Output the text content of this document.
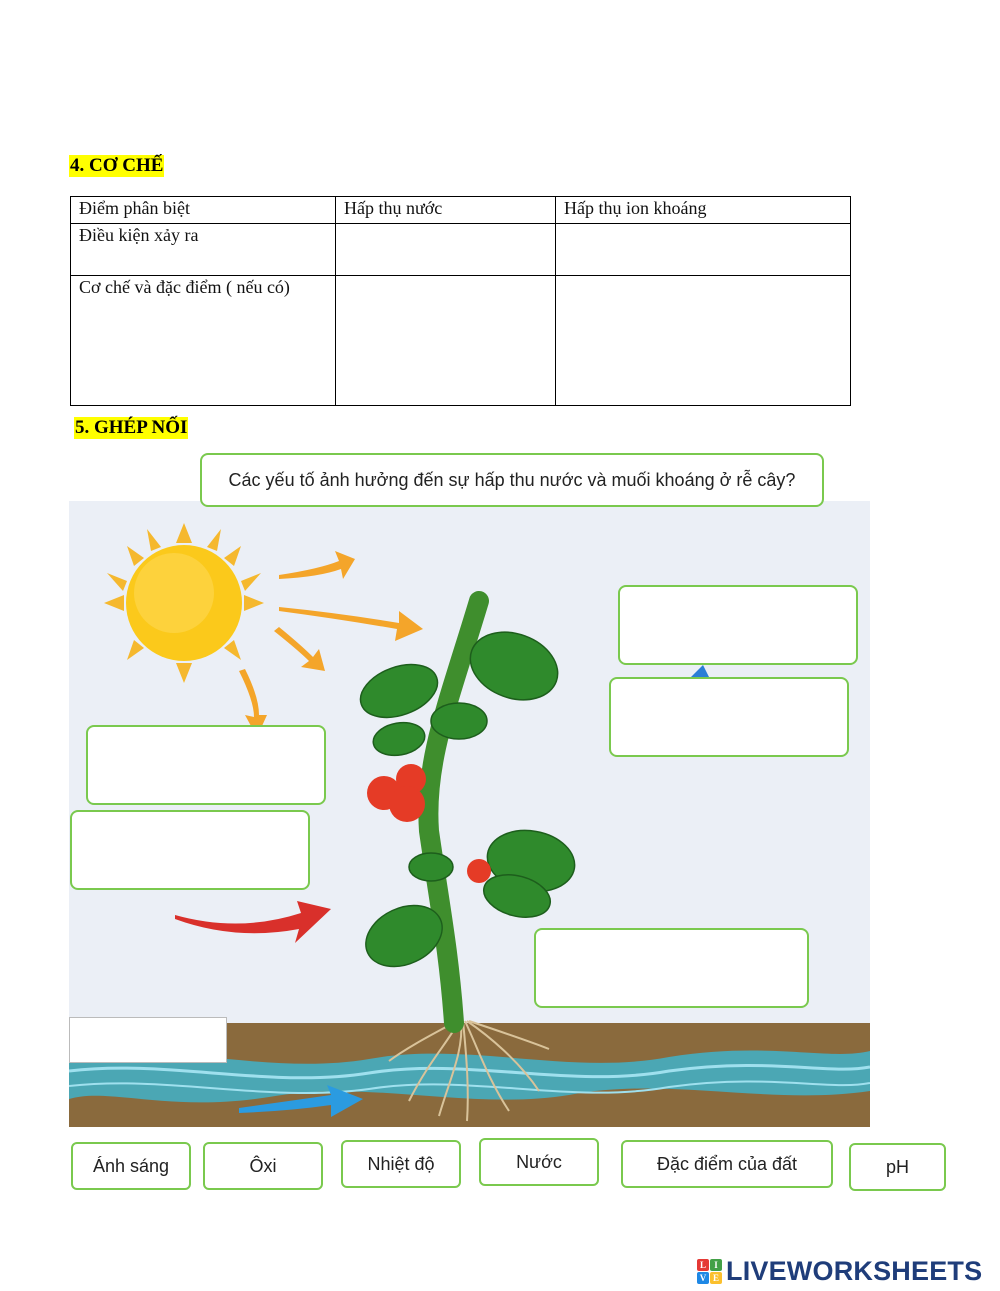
4. CƠ CHẾ
Điểm phân biệt	Hấp thụ nước	Hấp thụ ion khoáng
Điều kiện xảy ra		
Cơ chế và đặc điểm ( nếu có)		
5. GHÉP NỐI
Các yếu tố ảnh hưởng đến sự hấp thu nước và muối khoáng ở rễ cây?
Ánh sáng	Ôxi	Nhiệt độ	Nước	Đặc điểm của đất	pH
L I
V E LIVEWORKSHEETS
